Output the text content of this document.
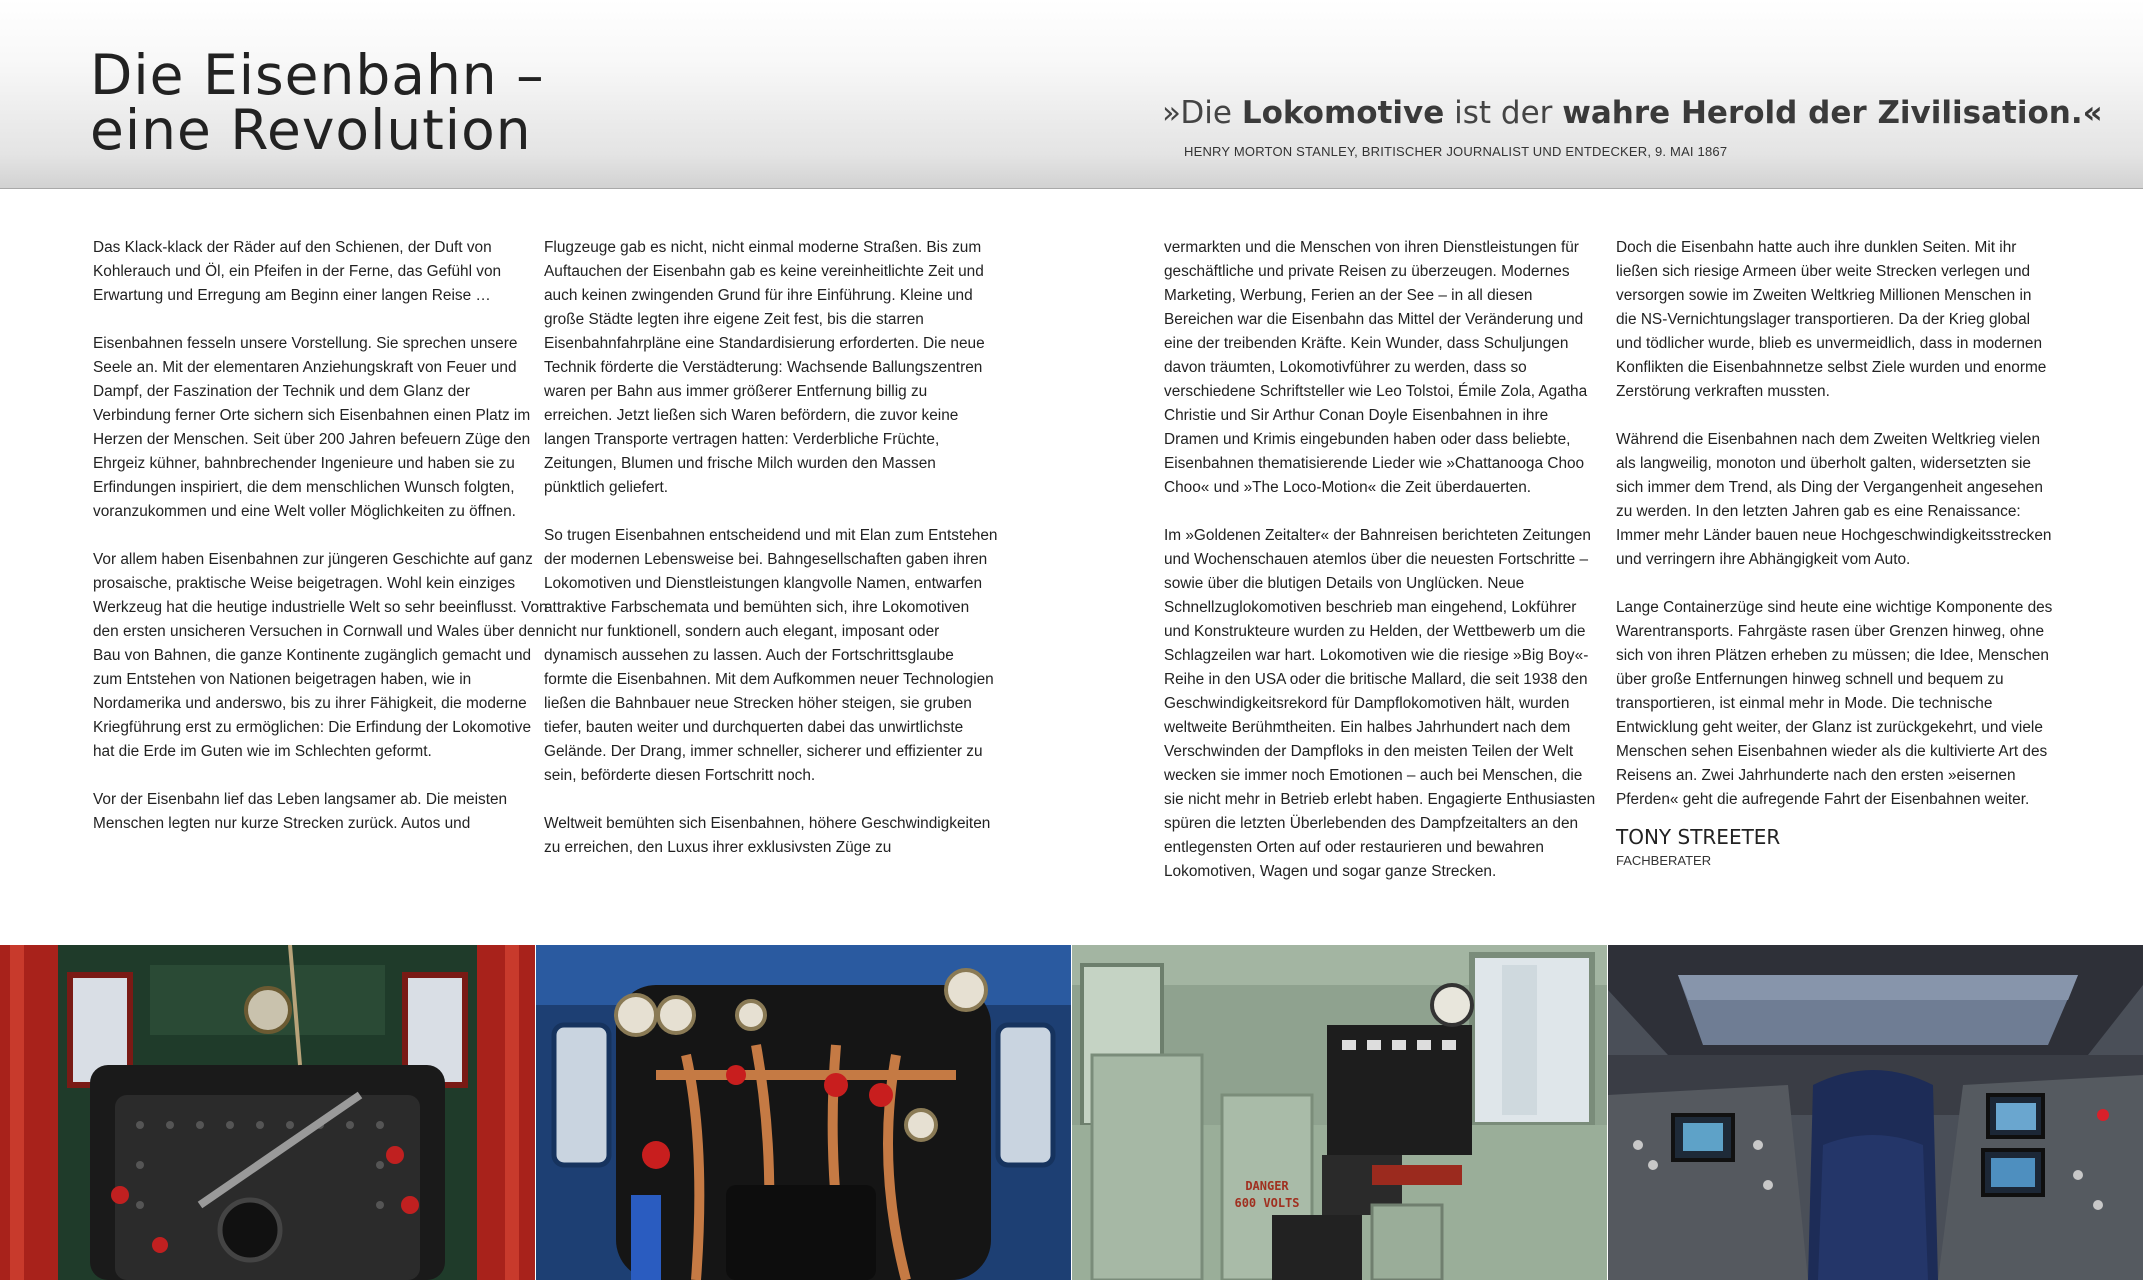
Die Eisenbahn –
eine Revolution	»Die Lokomotive ist der wahre Herold der Zivilisation.«
HENRY MORTON STANLEY, BRITISCHER JOURNALIST UND ENTDECKER, 9. MAI 1867

Das Klack-klack der Räder auf den Schienen, der Duft von Kohlerauch und Öl, ein Pfeifen in der Ferne, das Gefühl von Erwartung und Erregung am Beginn einer langen Reise …

Eisenbahnen fesseln unsere Vorstellung. Sie sprechen unsere Seele an. Mit der elementaren Anziehungskraft von Feuer und Dampf, der Faszination der Technik und dem Glanz der Verbindung ferner Orte sichern sich Eisenbahnen einen Platz im Herzen der Menschen. Seit über 200 Jahren befeuern Züge den Ehrgeiz kühner, bahnbrechender Ingenieure und haben sie zu Erfindungen inspiriert, die dem menschlichen Wunsch folgten, voranzukommen und eine Welt voller Möglichkeiten zu öffnen.

Vor allem haben Eisenbahnen zur jüngeren Geschichte auf ganz prosaische, praktische Weise beigetragen. Wohl kein einziges Werkzeug hat die heutige industrielle Welt so sehr beeinflusst. Von den ersten unsicheren Versuchen in Cornwall und Wales über den Bau von Bahnen, die ganze Kontinente zugänglich gemacht und zum Entstehen von Nationen beigetragen haben, wie in Nordamerika und anderswo, bis zu ihrer Fähigkeit, die moderne Kriegführung erst zu ermöglichen: Die Erfindung der Lokomotive hat die Erde im Guten wie im Schlechten geformt.

Vor der Eisenbahn lief das Leben langsamer ab. Die meisten Menschen legten nur kurze Strecken zurück. Autos und

Flugzeuge gab es nicht, nicht einmal moderne Straßen. Bis zum Auftauchen der Eisenbahn gab es keine vereinheitlichte Zeit und auch keinen zwingenden Grund für ihre Einführung. Kleine und große Städte legten ihre eigene Zeit fest, bis die starren Eisenbahnfahrpläne eine Standardisierung erforderten. Die neue Technik förderte die Verstädterung: Wachsende Ballungszentren waren per Bahn aus immer größerer Entfernung billig zu erreichen. Jetzt ließen sich Waren befördern, die zuvor keine langen Transporte vertragen hatten: Verderbliche Früchte, Zeitungen, Blumen und frische Milch wurden den Massen pünktlich geliefert.

So trugen Eisenbahnen entscheidend und mit Elan zum Entstehen der modernen Lebensweise bei. Bahngesellschaften gaben ihren Lokomotiven und Dienstleistungen klangvolle Namen, entwarfen attraktive Farbschemata und bemühten sich, ihre Lokomotiven nicht nur funktionell, sondern auch elegant, imposant oder dynamisch aussehen zu lassen. Auch der Fortschrittsglaube formte die Eisenbahnen. Mit dem Aufkommen neuer Technologien ließen die Bahnbauer neue Strecken höher steigen, sie gruben tiefer, bauten weiter und durchquerten dabei das unwirtlichste Gelände. Der Drang, immer schneller, sicherer und effizienter zu sein, beförderte diesen Fortschritt noch.

Weltweit bemühten sich Eisenbahnen, höhere Geschwindigkeiten zu erreichen, den Luxus ihrer exklusivsten Züge zu

vermarkten und die Menschen von ihren Dienstleistungen für geschäftliche und private Reisen zu überzeugen. Modernes Marketing, Werbung, Ferien an der See – in all diesen Bereichen war die Eisenbahn das Mittel der Veränderung und eine der treibenden Kräfte. Kein Wunder, dass Schuljungen davon träumten, Lokomotivführer zu werden, dass so verschiedene Schriftsteller wie Leo Tolstoi, Émile Zola, Agatha Christie und Sir Arthur Conan Doyle Eisenbahnen in ihre Dramen und Krimis eingebunden haben oder dass beliebte, Eisenbahnen thematisierende Lieder wie »Chattanooga Choo Choo« und »The Loco-Motion« die Zeit überdauerten.

Im »Goldenen Zeitalter« der Bahnreisen berichteten Zeitungen und Wochenschauen atemlos über die neuesten Fortschritte – sowie über die blutigen Details von Unglücken. Neue Schnellzuglokomotiven beschrieb man eingehend, Lokführer und Konstrukteure wurden zu Helden, der Wettbewerb um die Schlagzeilen war hart. Lokomotiven wie die riesige »Big Boy«-Reihe in den USA oder die britische Mallard, die seit 1938 den Geschwindigkeitsrekord für Dampflokomotiven hält, wurden weltweite Berühmtheiten. Ein halbes Jahrhundert nach dem Verschwinden der Dampfloks in den meisten Teilen der Welt wecken sie immer noch Emotionen – auch bei Menschen, die sie nicht mehr in Betrieb erlebt haben. Engagierte Enthusiasten spüren die letzten Überlebenden des Dampfzeitalters an den entlegensten Orten auf oder restaurieren und bewahren Lokomotiven, Wagen und sogar ganze Strecken.

Doch die Eisenbahn hatte auch ihre dunklen Seiten. Mit ihr ließen sich riesige Armeen über weite Strecken verlegen und versorgen sowie im Zweiten Weltkrieg Millionen Menschen in die NS-Vernichtungslager transportieren. Da der Krieg global und tödlicher wurde, blieb es unvermeidlich, dass in modernen Konflikten die Eisenbahnnetze selbst Ziele wurden und enorme Zerstörung verkraften mussten.

Während die Eisenbahnen nach dem Zweiten Weltkrieg vielen als langweilig, monoton und überholt galten, widersetzten sie sich immer dem Trend, als Ding der Vergangenheit angesehen zu werden. In den letzten Jahren gab es eine Renaissance: Immer mehr Länder bauen neue Hochgeschwindigkeitsstrecken und verringern ihre Abhängigkeit vom Auto.

Lange Containerzüge sind heute eine wichtige Komponente des Warentransports. Fahrgäste rasen über Grenzen hinweg, ohne sich von ihren Plätzen erheben zu müssen; die Idee, Menschen über große Entfernungen hinweg schnell und bequem zu transportieren, ist einmal mehr in Mode. Die technische Entwicklung geht weiter, der Glanz ist zurückgekehrt, und viele Menschen sehen Eisenbahnen wieder als die kultivierte Art des Reisens an. Zwei Jahrhunderte nach den ersten »eisernen Pferden« geht die aufregende Fahrt der Eisenbahnen weiter.

TONY STREETER
FACHBERATER
DANGER
600 VOLTS
